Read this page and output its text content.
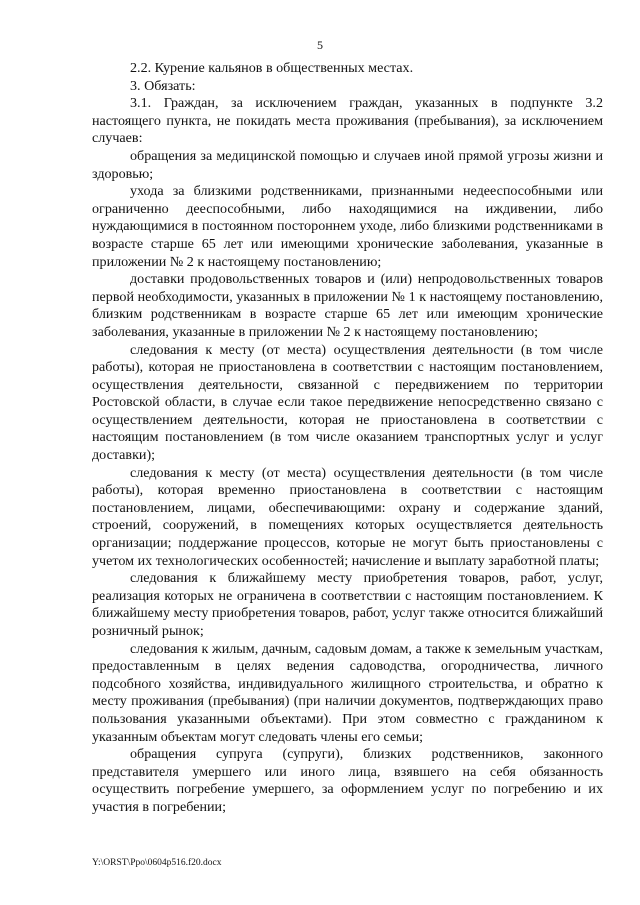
5

2.2. Курение кальянов в общественных местах.

3. Обязать:

3.1. Граждан, за исключением граждан, указанных в подпункте 3.2 настоящего пункта, не покидать места проживания (пребывания), за исключением случаев:

обращения за медицинской помощью и случаев иной прямой угрозы жизни и здоровью;

ухода за близкими родственниками, признанными недееспособными или ограниченно дееспособными, либо находящимися на иждивении, либо нуждающимися в постоянном постороннем уходе, либо близкими родственниками в возрасте старше 65 лет или имеющими хронические заболевания, указанные в приложении № 2 к настоящему постановлению;

доставки продовольственных товаров и (или) непродовольственных товаров первой необходимости, указанных в приложении № 1 к настоящему постановлению, близким родственникам в возрасте старше 65 лет или имеющим хронические заболевания, указанные в приложении № 2 к настоящему постановлению;

следования к месту (от места) осуществления деятельности (в том числе работы), которая не приостановлена в соответствии с настоящим постановлением, осуществления деятельности, связанной с передвижением по территории Ростовской области, в случае если такое передвижение непосредственно связано с осуществлением деятельности, которая не приостановлена в соответствии с настоящим постановлением (в том числе оказанием транспортных услуг и услуг доставки);

следования к месту (от места) осуществления деятельности (в том числе работы), которая временно приостановлена в соответствии с настоящим постановлением, лицами, обеспечивающими: охрану и содержание зданий, строений, сооружений, в помещениях которых осуществляется деятельность организации; поддержание процессов, которые не могут быть приостановлены с учетом их технологических особенностей; начисление и выплату заработной платы;

следования к ближайшему месту приобретения товаров, работ, услуг, реализация которых не ограничена в соответствии с настоящим постановлением. К ближайшему месту приобретения товаров, работ, услуг также относится ближайший розничный рынок;

следования к жилым, дачным, садовым домам, а также к земельным участкам, предоставленным в целях ведения садоводства, огородничества, личного подсобного хозяйства, индивидуального жилищного строительства, и обратно к месту проживания (пребывания) (при наличии документов, подтверждающих право пользования указанными объектами). При этом совместно с гражданином к указанным объектам могут следовать члены его семьи;

обращения супруга (супруги), близких родственников, законного представителя умершего или иного лица, взявшего на себя обязанность осуществить погребение умершего, за оформлением услуг по погребению и их участия в погребении;

Y:\ORST\Ppo\0604p516.f20.docx
